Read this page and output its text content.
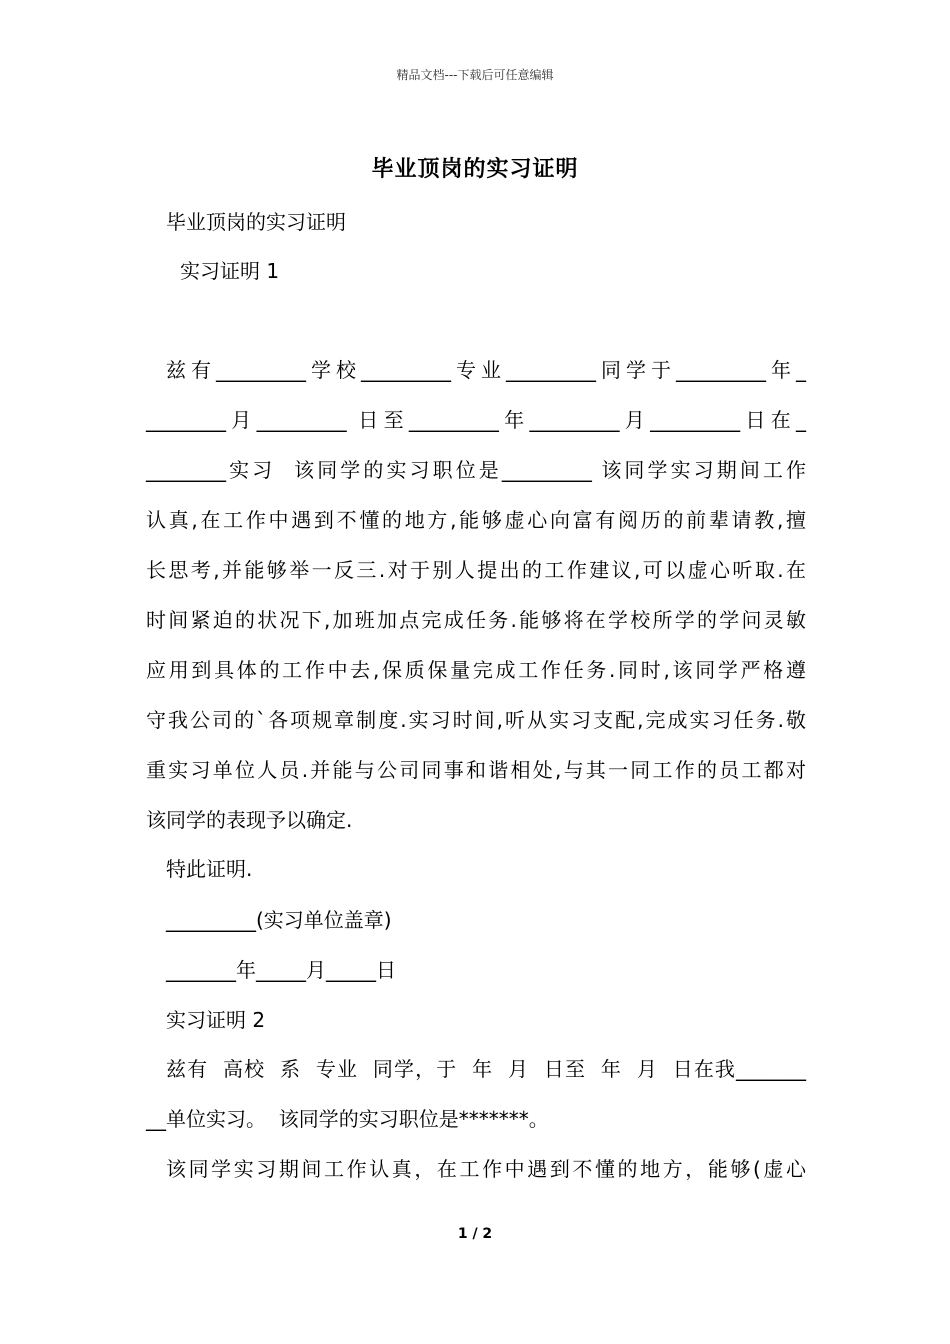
精品文档---下载后可任意编辑
毕业顶岗的实习证明
毕业顶岗的实习证明
实习证明 1
兹有_________学校_________专业_________同学于_________年_
________月_________ 日至_________年_________月_________日在_
________实习  该同学的实习职位是_________ 该同学实习期间工作
认真,在工作中遇到不懂的地方,能够虚心向富有阅历的前辈请教,擅
长思考,并能够举一反三.对于别人提出的工作建议,可以虚心听取.在
时间紧迫的状况下,加班加点完成任务.能够将在学校所学的学问灵敏
应用到具体的工作中去,保质保量完成工作任务.同时,该同学严格遵
守我公司的`各项规章制度.实习时间,听从实习支配,完成实习任务.敬
重实习单位人员.并能与公司同事和谐相处,与其一同工作的员工都对
该同学的表现予以确定.
特此证明.
_________(实习单位盖章)
_______年_____月_____日
实习证明 2
兹有  高校  系  专业  同学，于  年  月  日至  年  月  日在我_______
__单位实习。  该同学的实习职位是*******。
该同学实习期间工作认真，在工作中遇到不懂的地方，能够(虚心
1 / 2
